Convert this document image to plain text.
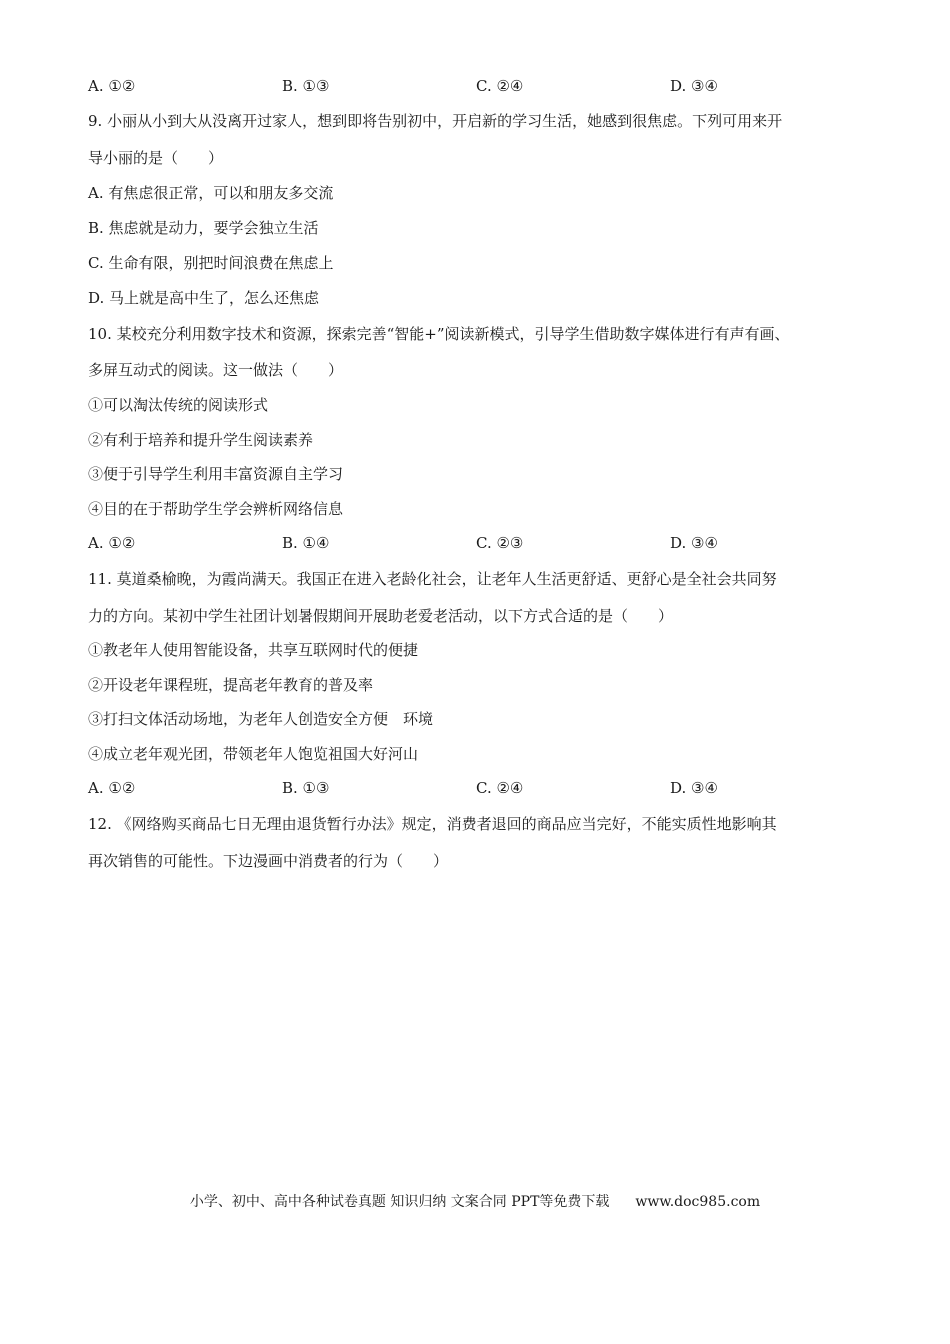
A. ①②	B. ①③	C. ②④	D. ③④
9. 小丽从小到大从没离开过家人，想到即将告别初中，开启新的学习生活，她感到很焦虑。下列可用来开
导小丽的是（　　）
A. 有焦虑很正常，可以和朋友多交流
B. 焦虑就是动力，要学会独立生活
C. 生命有限，别把时间浪费在焦虑上
D. 马上就是高中生了，怎么还焦虑
10. 某校充分利用数字技术和资源，探索完善“智能+”阅读新模式，引导学生借助数字媒体进行有声有画、
多屏互动式的阅读。这一做法（　　）
①可以淘汰传统的阅读形式
②有利于培养和提升学生阅读素养
③便于引导学生利用丰富资源自主学习
④目的在于帮助学生学会辨析网络信息
A. ①②	B. ①④	C. ②③	D. ③④
11. 莫道桑榆晚，为霞尚满天。我国正在进入老龄化社会，让老年人生活更舒适、更舒心是全社会共同努
力的方向。某初中学生社团计划暑假期间开展助老爱老活动，以下方式合适的是（　　）
①教老年人使用智能设备，共享互联网时代的便捷
②开设老年课程班，提高老年教育的普及率
③打扫文体活动场地，为老年人创造安全方便　环境
④成立老年观光团，带领老年人饱览祖国大好河山
A. ①②	B. ①③	C. ②④	D. ③④
12. 《网络购买商品七日无理由退货暂行办法》规定，消费者退回的商品应当完好，不能实质性地影响其
再次销售的可能性。下边漫画中消费者的行为（　　）
小学、初中、高中各种试卷真题 知识归纳 文案合同 PPT等免费下载 www.doc985.com
